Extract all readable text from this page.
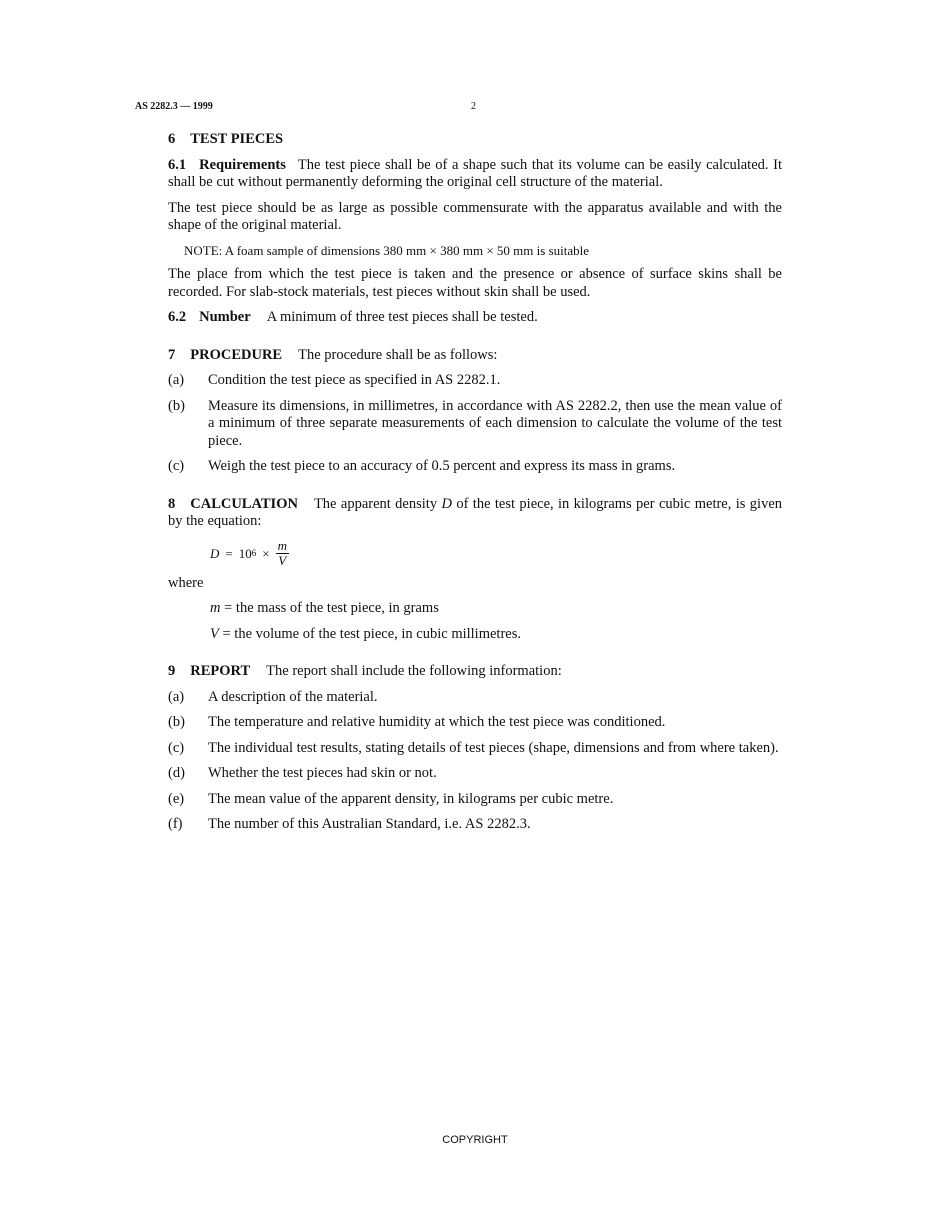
AS 2282.3 — 1999	2

6 TEST PIECES

6.1 Requirements The test piece shall be of a shape such that its volume can be easily calculated. It shall be cut without permanently deforming the original cell structure of the material.

The test piece should be as large as possible commensurate with the apparatus available and with the shape of the original material.

NOTE: A foam sample of dimensions 380 mm × 380 mm × 50 mm is suitable

The place from which the test piece is taken and the presence or absence of surface skins shall be recorded. For slab-stock materials, test pieces without skin shall be used.

6.2 Number A minimum of three test pieces shall be tested.

7 PROCEDURE The procedure shall be as follows:

(a)	Condition the test piece as specified in AS 2282.1.
(b)	Measure its dimensions, in millimetres, in accordance with AS 2282.2, then use the mean value of a minimum of three separate measurements of each dimension to calculate the volume of the test piece.
(c)	Weigh the test piece to an accuracy of 0.5 percent and express its mass in grams.

8 CALCULATION The apparent density D of the test piece, in kilograms per cubic metre, is given by the equation:

D = 10 $6 \times \frac{m}{V}$

where

m = the mass of the test piece, in grams

V = the volume of the test piece, in cubic millimetres.

9 REPORT The report shall include the following information:

(a)	A description of the material.
(b)	The temperature and relative humidity at which the test piece was conditioned.
(c)	The individual test results, stating details of test pieces (shape, dimensions and from where taken).
(d)	Whether the test pieces had skin or not.
(e)	The mean value of the apparent density, in kilograms per cubic metre.
(f)	The number of this Australian Standard, i.e. AS 2282.3.
COPYRIGHT
